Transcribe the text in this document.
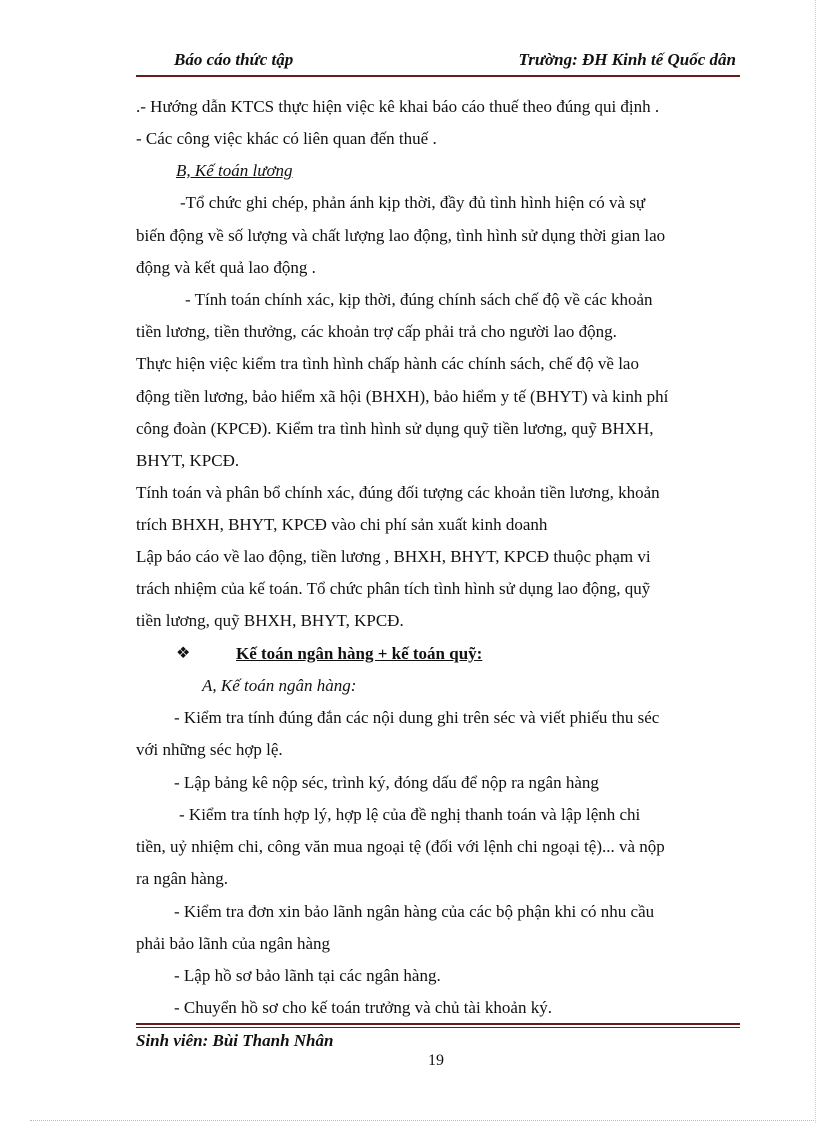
Báo cáo thức tập	Trường: ĐH Kinh tế Quốc dân
.- Hướng dẫn KTCS thực hiện việc kê khai báo cáo thuế theo đúng qui định .
- Các công việc khác có liên quan đến thuế .
B, Kế toán lương
-Tổ chức ghi chép, phản ánh kịp thời, đầy đủ tình hình hiện có và sự
biến động về số lượng và chất lượng lao động, tình hình sử dụng thời gian lao
động và kết quả lao động .
- Tính toán chính xác, kịp thời, đúng chính sách chế độ về các khoản
tiền lương, tiền thưởng, các khoản trợ cấp phải trả cho người lao động.
Thực hiện việc kiểm tra tình hình chấp hành các chính sách, chế độ về lao
động tiền lương, bảo hiểm xã hội (BHXH), bảo hiểm y tế (BHYT) và kinh phí
công đoàn (KPCĐ). Kiểm tra tình hình sử dụng quỹ tiền lương, quỹ BHXH,
BHYT, KPCĐ.
Tính toán và phân bổ chính xác, đúng đối tượng các khoản tiền lương, khoản
trích BHXH, BHYT, KPCĐ vào chi phí sản xuất kinh doanh
Lập báo cáo về lao động, tiền lương , BHXH, BHYT, KPCĐ thuộc phạm vi
trách nhiệm của kế toán. Tổ chức phân tích tình hình sử dụng lao động, quỹ
tiền lương, quỹ BHXH, BHYT, KPCĐ.
❖	Kế toán ngân hàng + kế toán quỹ:
A, Kế toán ngân hàng:
- Kiểm tra tính đúng đắn các nội dung ghi trên séc và viết phiếu thu séc
với những séc hợp lệ.
- Lập bảng kê nộp séc, trình ký, đóng dấu để nộp ra ngân hàng
- Kiểm tra tính hợp lý, hợp lệ của đề nghị thanh toán và lập lệnh chi
tiền, uỷ nhiệm chi, công văn mua ngoại tệ (đối với lệnh chi ngoại tệ)... và nộp
ra ngân hàng.
- Kiểm tra đơn xin bảo lãnh ngân hàng của các bộ phận khi có nhu cầu
phải bảo lãnh của ngân hàng
- Lập hồ sơ bảo lãnh tại các ngân hàng.
- Chuyển hồ sơ cho kế toán trưởng và chủ tài khoản ký.
Sinh viên: Bùi Thanh Nhân
19
